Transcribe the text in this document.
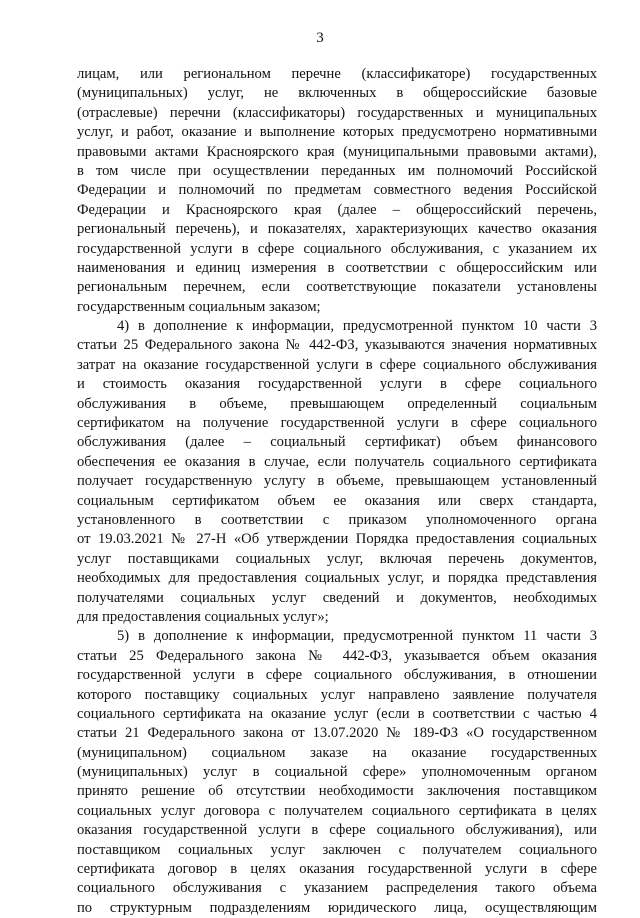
3
лицам, или региональном перечне (классификаторе) государственных
(муниципальных) услуг, не включенных в общероссийские базовые
(отраслевые) перечни (классификаторы) государственных и муниципальных
услуг, и работ, оказание и выполнение которых предусмотрено нормативными
правовыми актами Красноярского края (муниципальными правовыми актами),
в том числе при осуществлении переданных им полномочий Российской
Федерации и полномочий по предметам совместного ведения Российской
Федерации и Красноярского края (далее – общероссийский перечень,
региональный перечень), и показателях, характеризующих качество оказания
государственной услуги в сфере социального обслуживания, с указанием их
наименования и единиц измерения в соответствии с общероссийским или
региональным перечнем, если соответствующие показатели установлены
государственным социальным заказом;
4) в дополнение к информации, предусмотренной пунктом 10 части 3
статьи 25 Федерального закона № 442-ФЗ, указываются значения нормативных
затрат на оказание государственной услуги в сфере социального обслуживания
и стоимость оказания государственной услуги в сфере социального
обслуживания в объеме, превышающем определенный социальным
сертификатом на получение государственной услуги в сфере социального
обслуживания (далее – социальный сертификат) объем финансового
обеспечения ее оказания в случае, если получатель социального сертификата
получает государственную услугу в объеме, превышающем установленный
социальным сертификатом объем ее оказания или сверх стандарта,
установленного в соответствии с приказом уполномоченного органа
от 19.03.2021 № 27-Н «Об утверждении Порядка предоставления социальных
услуг поставщиками социальных услуг, включая перечень документов,
необходимых для предоставления социальных услуг, и порядка представления
получателями социальных услуг сведений и документов, необходимых
для предоставления социальных услуг»;
5) в дополнение к информации, предусмотренной пунктом 11 части 3
статьи 25 Федерального закона № 442-ФЗ, указывается объем оказания
государственной услуги в сфере социального обслуживания, в отношении
которого поставщику социальных услуг направлено заявление получателя
социального сертификата на оказание услуг (если в соответствии с частью 4
статьи 21 Федерального закона от 13.07.2020 № 189-ФЗ «О государственном
(муниципальном) социальном заказе на оказание государственных
(муниципальных) услуг в социальной сфере» уполномоченным органом
принято решение об отсутствии необходимости заключения поставщиком
социальных услуг договора с получателем социального сертификата в целях
оказания государственной услуги в сфере социального обслуживания), или
поставщиком социальных услуг заключен с получателем социального
сертификата договор в целях оказания государственной услуги в сфере
социального обслуживания с указанием распределения такого объема
по структурным подразделениям юридического лица, осуществляющим
